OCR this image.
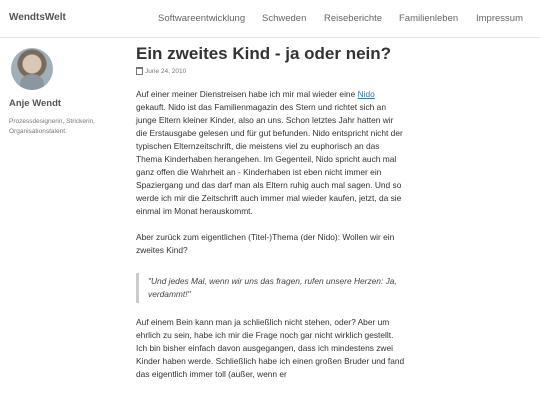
WendtsWelt	Softwareentwicklung Schweden Reiseberichte Familienleben Impressum
Anje Wendt
Prozessdesignerin, Strickerin, Organisationstalent.
Ein zweites Kind - ja oder nein?
June 24, 2010

Auf einer meiner Dienstreisen habe ich mir mal wieder eine Nido gekauft. Nido ist das Familienmagazin des Stern und richtet sich an junge Eltern kleiner Kinder, also an uns. Schon letztes Jahr hatten wir die Erstausgabe gelesen und für gut befunden. Nido entspricht nicht der typischen Elternzeitschrift, die meistens viel zu euphorisch an das Thema Kinderhaben herangehen. Im Gegenteil, Nido spricht auch mal ganz offen die Wahrheit an - Kinderhaben ist eben nicht immer ein Spaziergang und das darf man als Eltern ruhig auch mal sagen. Und so werde ich mir die Zeitschrift auch immer mal wieder kaufen, jetzt, da sie einmal im Monat herauskommt.

Aber zurück zum eigentlichen (Titel-)Thema (der Nido): Wollen wir ein zweites Kind?

"Und jedes Mal, wenn wir uns das fragen, rufen unsere Herzen: Ja, verdammt!"

Auf einem Bein kann man ja schließlich nicht stehen, oder? Aber um ehrlich zu sein, habe ich mir die Frage noch gar nicht wirklich gestellt. Ich bin bisher einfach davon ausgegangen, dass ich mindestens zwei Kinder haben werde. Schließlich habe ich einen großen Bruder und fand das eigentlich immer toll (außer, wenn er
